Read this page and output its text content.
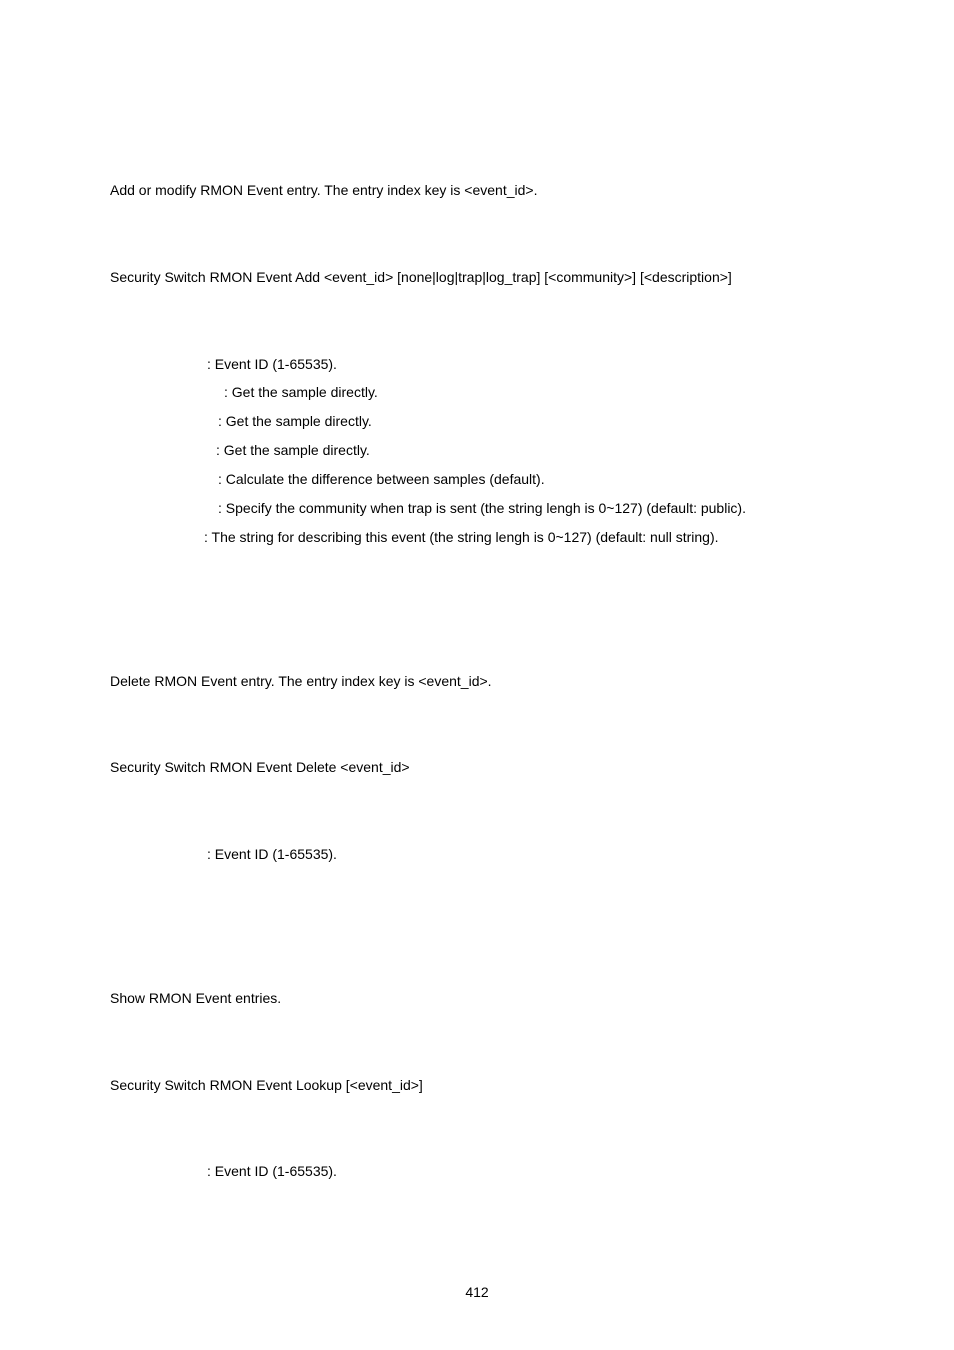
Add or modify RMON Event entry. The entry index key is <event_id>.
Security Switch RMON Event Add <event_id> [none|log|trap|log_trap] [<community>] [<description>]
: Event ID (1-65535).
: Get the sample directly.
: Get the sample directly.
: Get the sample directly.
: Calculate the difference between samples (default).
: Specify the community when trap is sent (the string lengh is 0~127) (default: public).
: The string for describing this event (the string lengh is 0~127) (default: null string).
Delete RMON Event entry. The entry index key is <event_id>.
Security Switch RMON Event Delete <event_id>
: Event ID (1-65535).
Show RMON Event entries.
Security Switch RMON Event Lookup [<event_id>]
: Event ID (1-65535).
412
